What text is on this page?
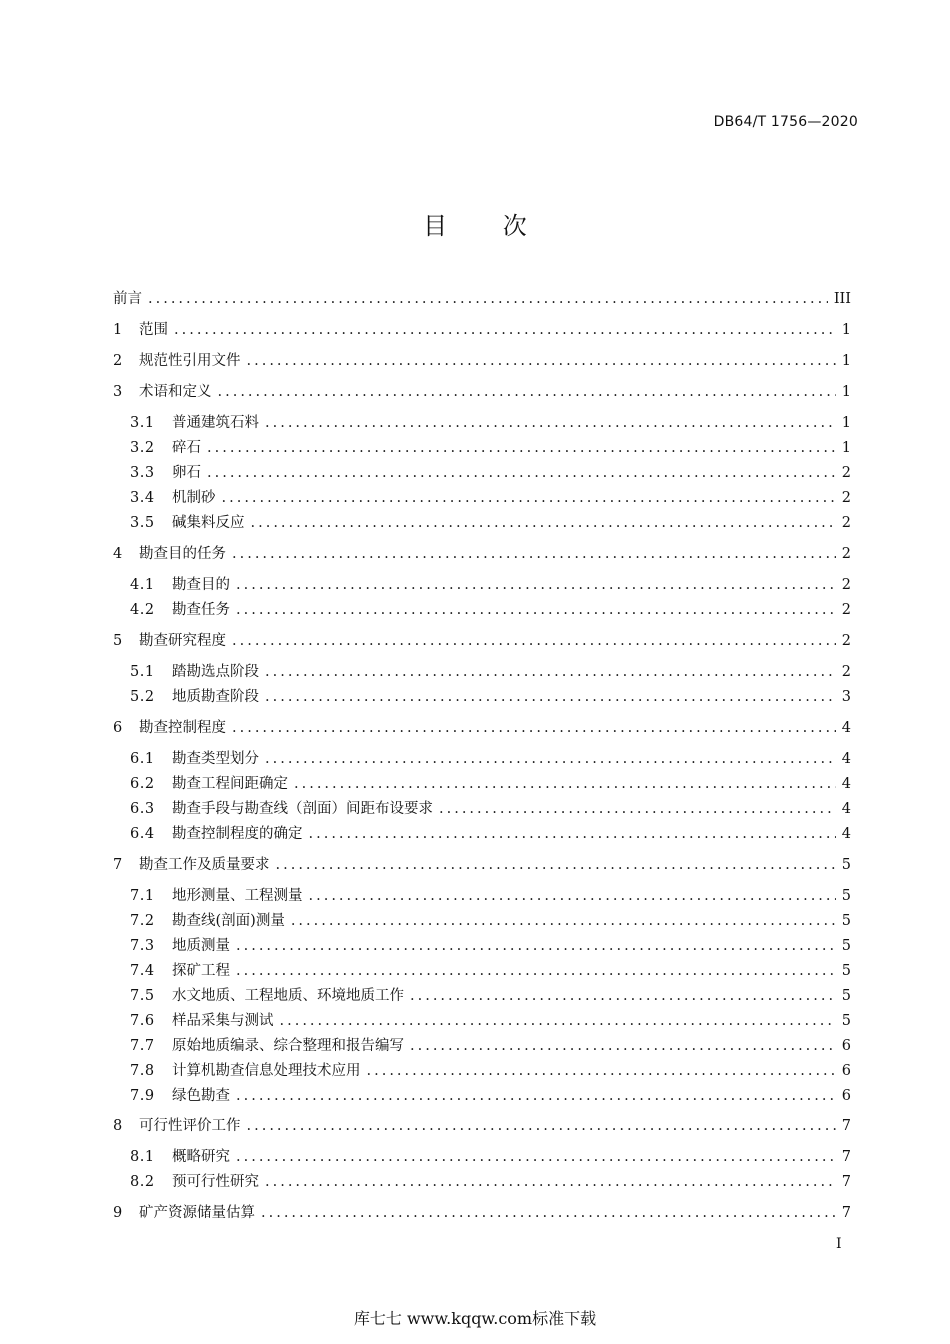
DB64/T 1756—2020
目 次
前言 .....	III
1	范围 .....	1
2	规范性引用文件 .....	1
3	术语和定义 .....	1
3.1	普通建筑石料 .....	1
3.2	碎石 .....	1
3.3	卵石 .....	2
3.4	机制砂 .....	2
3.5	碱集料反应 .....	2
4	勘查目的任务 .....	2
4.1	勘查目的 .....	2
4.2	勘查任务 .....	2
5	勘查研究程度 .....	2
5.1	踏勘选点阶段 .....	2
5.2	地质勘查阶段 .....	3
6	勘查控制程度 .....	4
6.1	勘查类型划分 .....	4
6.2	勘查工程间距确定 .....	4
6.3	勘查手段与勘查线（剖面）间距布设要求 .....	4
6.4	勘查控制程度的确定 .....	4
7	勘查工作及质量要求 .....	5
7.1	地形测量、工程测量 .....	5
7.2	勘查线(剖面)测量 .....	5
7.3	地质测量 .....	5
7.4	探矿工程 .....	5
7.5	水文地质、工程地质、环境地质工作 .....	5
7.6	样品采集与测试 .....	5
7.7	原始地质编录、综合整理和报告编写 .....	6
7.8	计算机勘查信息处理技术应用 .....	6
7.9	绿色勘查 .....	6
8	可行性评价工作 .....	7
8.1	概略研究 .....	7
8.2	预可行性研究 .....	7
9	矿产资源储量估算 .....	7
I
库七七 www.kqqw.com标准下载
